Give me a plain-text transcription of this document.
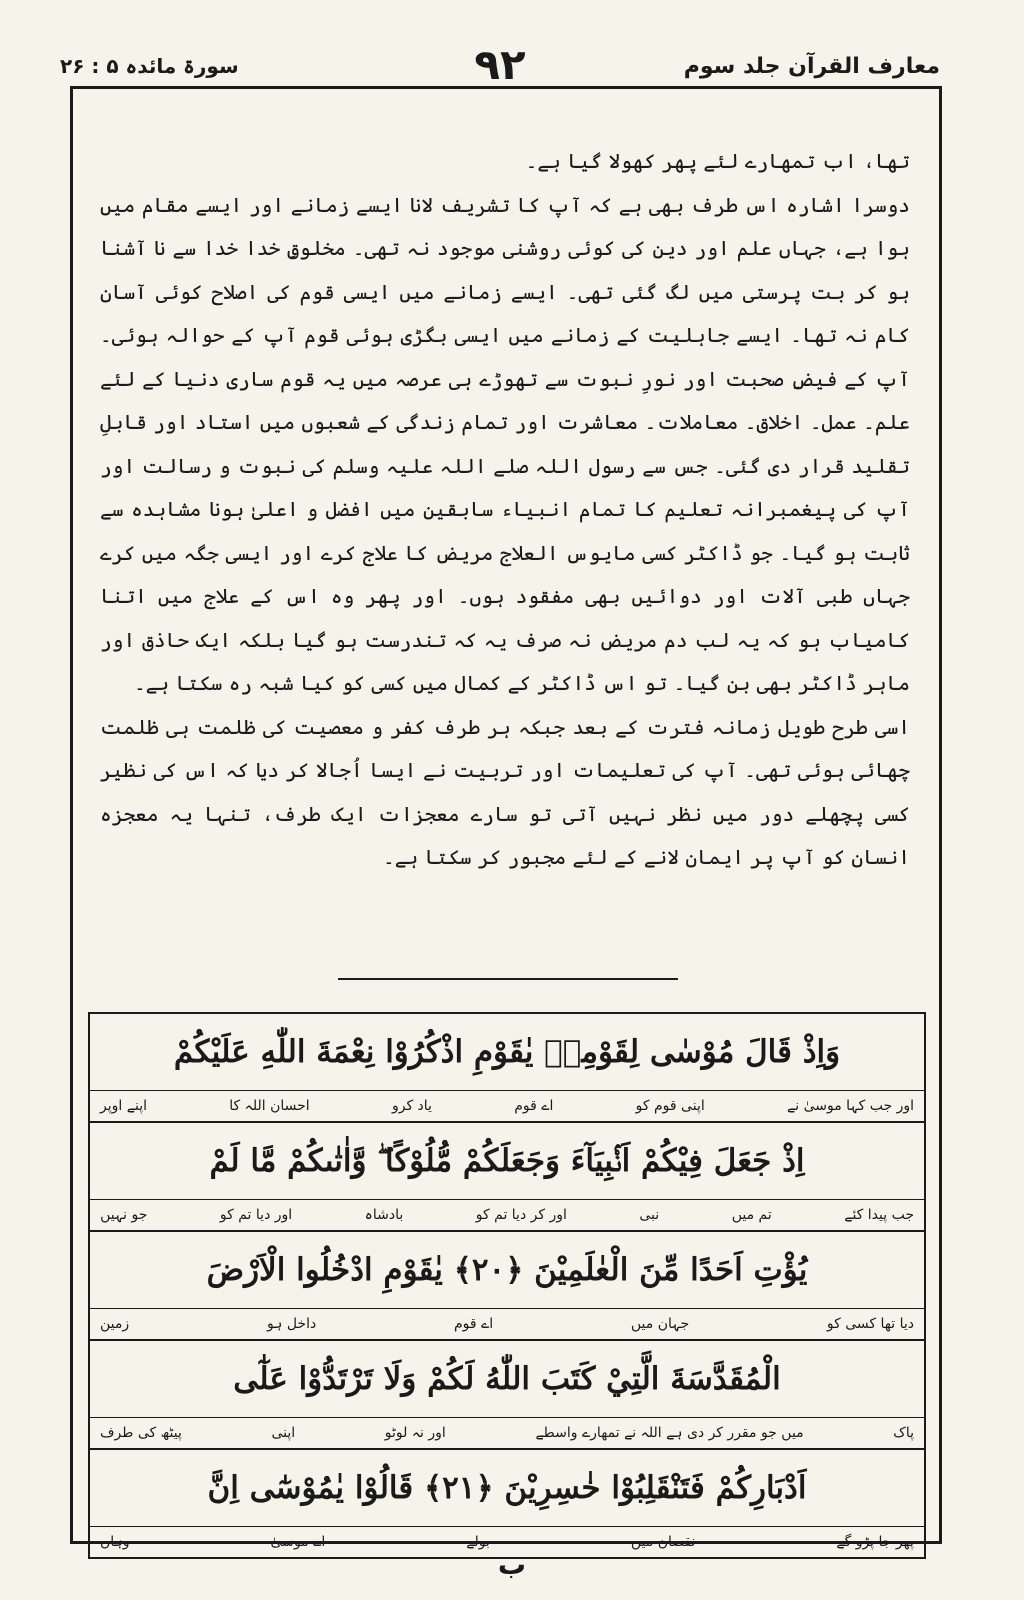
معارف القرآن جلد سوم
۹۲
سورۃ مائدہ ۵ : ۲۶

تھا، اب تمھارے لئے پھر کھولا گیا ہے۔

دوسرا اشارہ اس طرف بھی ہے کہ آپ کا تشریف لانا ایسے زمانے اور ایسے مقام میں ہوا ہے، جہاں علم اور دین کی کوئی روشنی موجود نہ تھی۔ مخلوقِ خدا خدا سے نا آشنا ہو کر بت پرستی میں لگ گئی تھی۔ ایسے زمانے میں ایسی قوم کی اصلاح کوئی آسان کام نہ تھا۔ ایسے جاہلیت کے زمانے میں ایسی بگڑی ہوئی قوم آپ کے حوالہ ہوئی۔ آپ کے فیضِ صحبت اور نورِ نبوت سے تھوڑے ہی عرصہ میں یہ قوم ساری دنیا کے لئے علم۔ عمل۔ اخلاق۔ معاملات۔ معاشرت اور تمام زندگی کے شعبوں میں استاد اور قابلِ تقلید قرار دی گئی۔ جس سے رسول اللہ صلے اللہ علیہ وسلم کی نبوت و رسالت اور آپ کی پیغمبرانہ تعلیم کا تمام انبیاء سابقین میں افضل و اعلیٰ ہونا مشاہدہ سے ثابت ہو گیا۔ جو ڈاکٹر کسی مایوس العلاج مریض کا علاج کرے اور ایسی جگہ میں کرے جہاں طبی آلات اور دوائیں بھی مفقود ہوں۔ اور پھر وہ اس کے علاج میں اتنا کامیاب ہو کہ یہ لب دم مریض نہ صرف یہ کہ تندرست ہو گیا بلکہ ایک حاذق اور ماہر ڈاکٹر بھی بن گیا۔ تو اس ڈاکٹر کے کمال میں کسی کو کیا شبہ رہ سکتا ہے۔

اسی طرح طویل زمانہ فترت کے بعد جبکہ ہر طرف کفر و معصیت کی ظلمت ہی ظلمت چھائی ہوئی تھی۔ آپ کی تعلیمات اور تربیت نے ایسا اُجالا کر دیا کہ اس کی نظیر کسی پچھلے دور میں نظر نہیں آتی تو سارے معجزات ایک طرف، تنہا یہ معجزہ انسان کو آپ پر ایمان لانے کے لئے مجبور کر سکتا ہے۔

وَاِذْ قَالَ مُوْسٰى لِقَوْمِهٖ يٰقَوْمِ اذْكُرُوْا نِعْمَةَ اللّٰهِ عَلَيْكُمْ
اور جب کہا موسیٰ نے
اپنی قوم کو
اے قوم
یاد کرو
احسان اللہ کا
اپنے اوپر
اِذْ جَعَلَ فِيْكُمْ اَنْۢبِيَآءَ وَجَعَلَكُمْ مُّلُوْكًا ۖ وَّاٰتٰىكُمْ مَّا لَمْ
جب پیدا کئے
تم میں
نبی
اور کر دیا تم کو
بادشاہ
اور دیا تم کو
جو نہیں
يُؤْتِ اَحَدًا مِّنَ الْعٰلَمِيْنَ ﴿۲۰﴾ يٰقَوْمِ ادْخُلُوا الْاَرْضَ
دیا تھا کسی کو
جہان میں
اے قوم
داخل ہو
زمین
الْمُقَدَّسَةَ الَّتِيْ كَتَبَ اللّٰهُ لَكُمْ وَلَا تَرْتَدُّوْا عَلٰٓى
پاک
میں جو مقرر کر دی ہے اللہ نے تمھارے واسطے
اور نہ لوٹو
اپنی
پیٹھ کی طرف
اَدْبَارِكُمْ فَتَنْقَلِبُوْا خٰسِرِيْنَ ﴿۲۱﴾ قَالُوْا يٰمُوْسٰٓى اِنَّ
پھر جا پڑو گے
نقصان میں
بولے
اے موسیٰ
وہاں
ب
